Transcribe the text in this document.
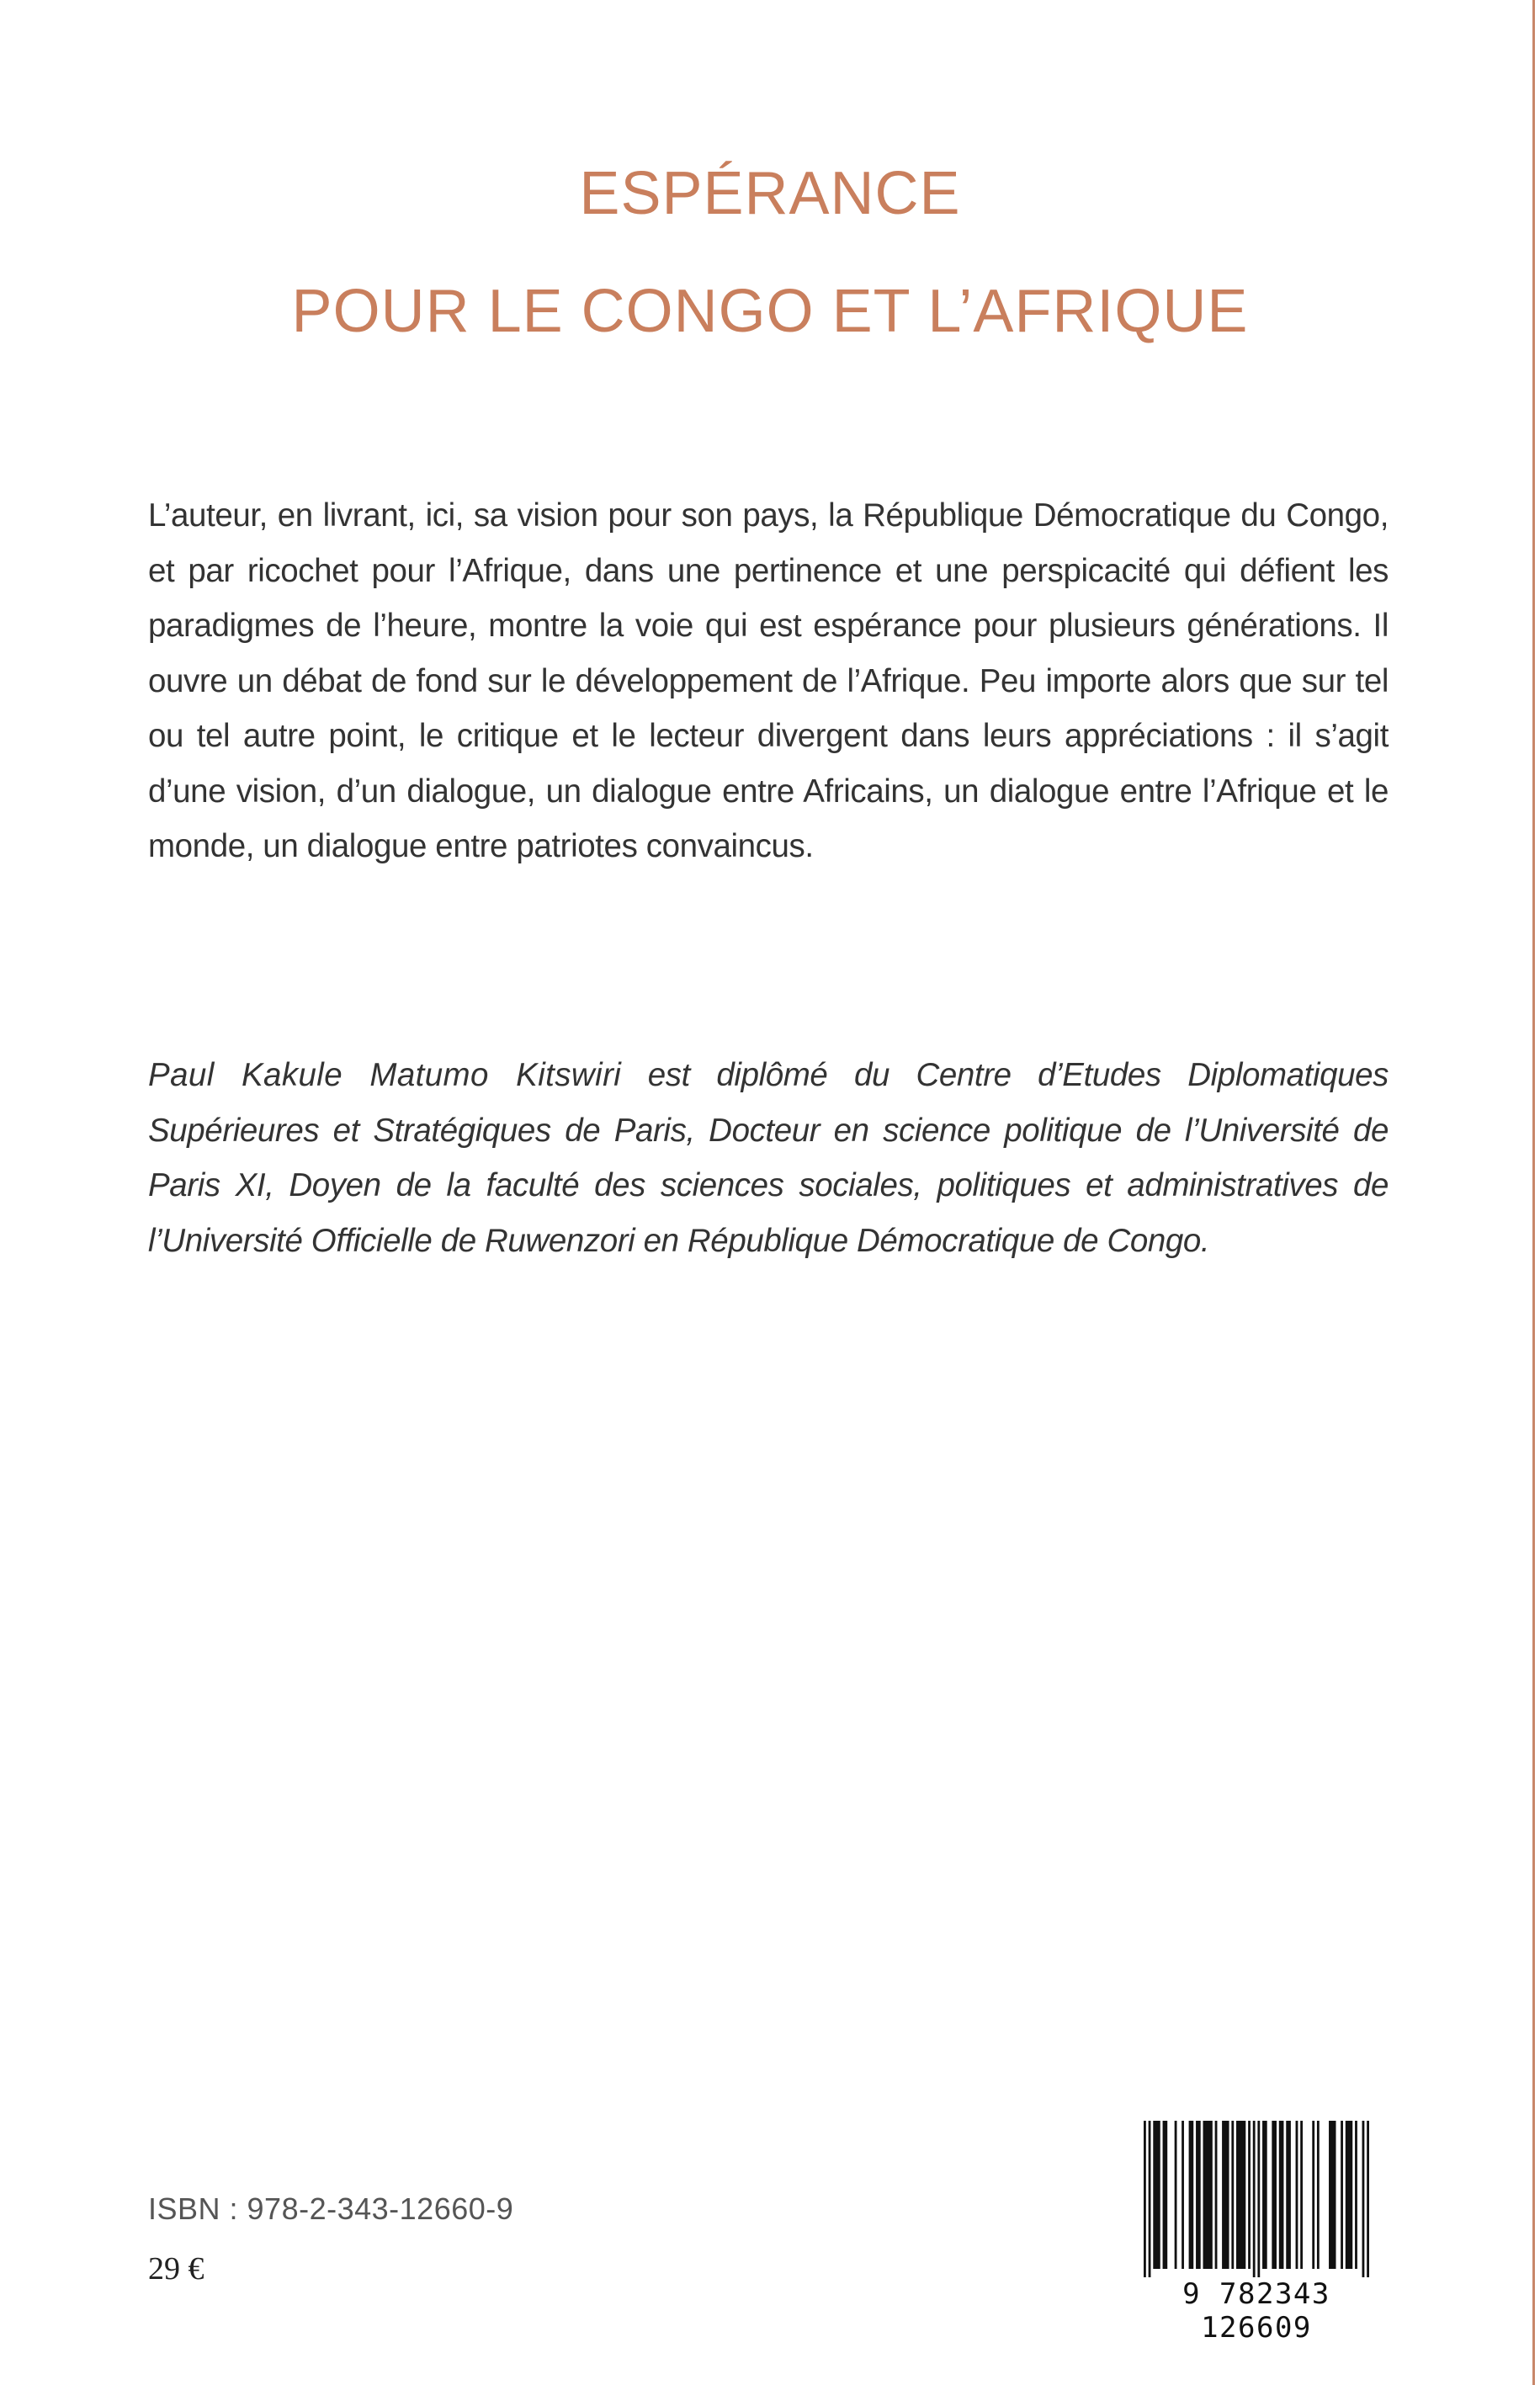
ESPÉRANCE
POUR LE CONGO ET L’AFRIQUE

L’auteur, en livrant, ici, sa vision pour son pays, la République Démocratique du Congo, et par ricochet pour l’Afrique, dans une pertinence et une perspicacité qui défient les paradigmes de l’heure, montre la voie qui est espérance pour plusieurs générations. Il ouvre un débat de fond sur le développement de l’Afrique. Peu importe alors que sur tel ou tel autre point, le critique et le lecteur divergent dans leurs appréciations : il s’agit d’une vision, d’un dialogue, un dialogue entre Africains, un dialogue entre l’Afrique et le monde, un dialogue entre patriotes convaincus.

Paul Kakule Matumo Kitswiri est diplômé du Centre d’Etudes Diplomatiques Supérieures et Stratégiques de Paris, Docteur en science politique de l’Université de Paris XI, Doyen de la faculté des sciences sociales, politiques et administratives de l’Université Officielle de Ruwenzori en République Démocratique de Congo.

ISBN : 978-2-343-12660-9
29 €
9 782343 126609
